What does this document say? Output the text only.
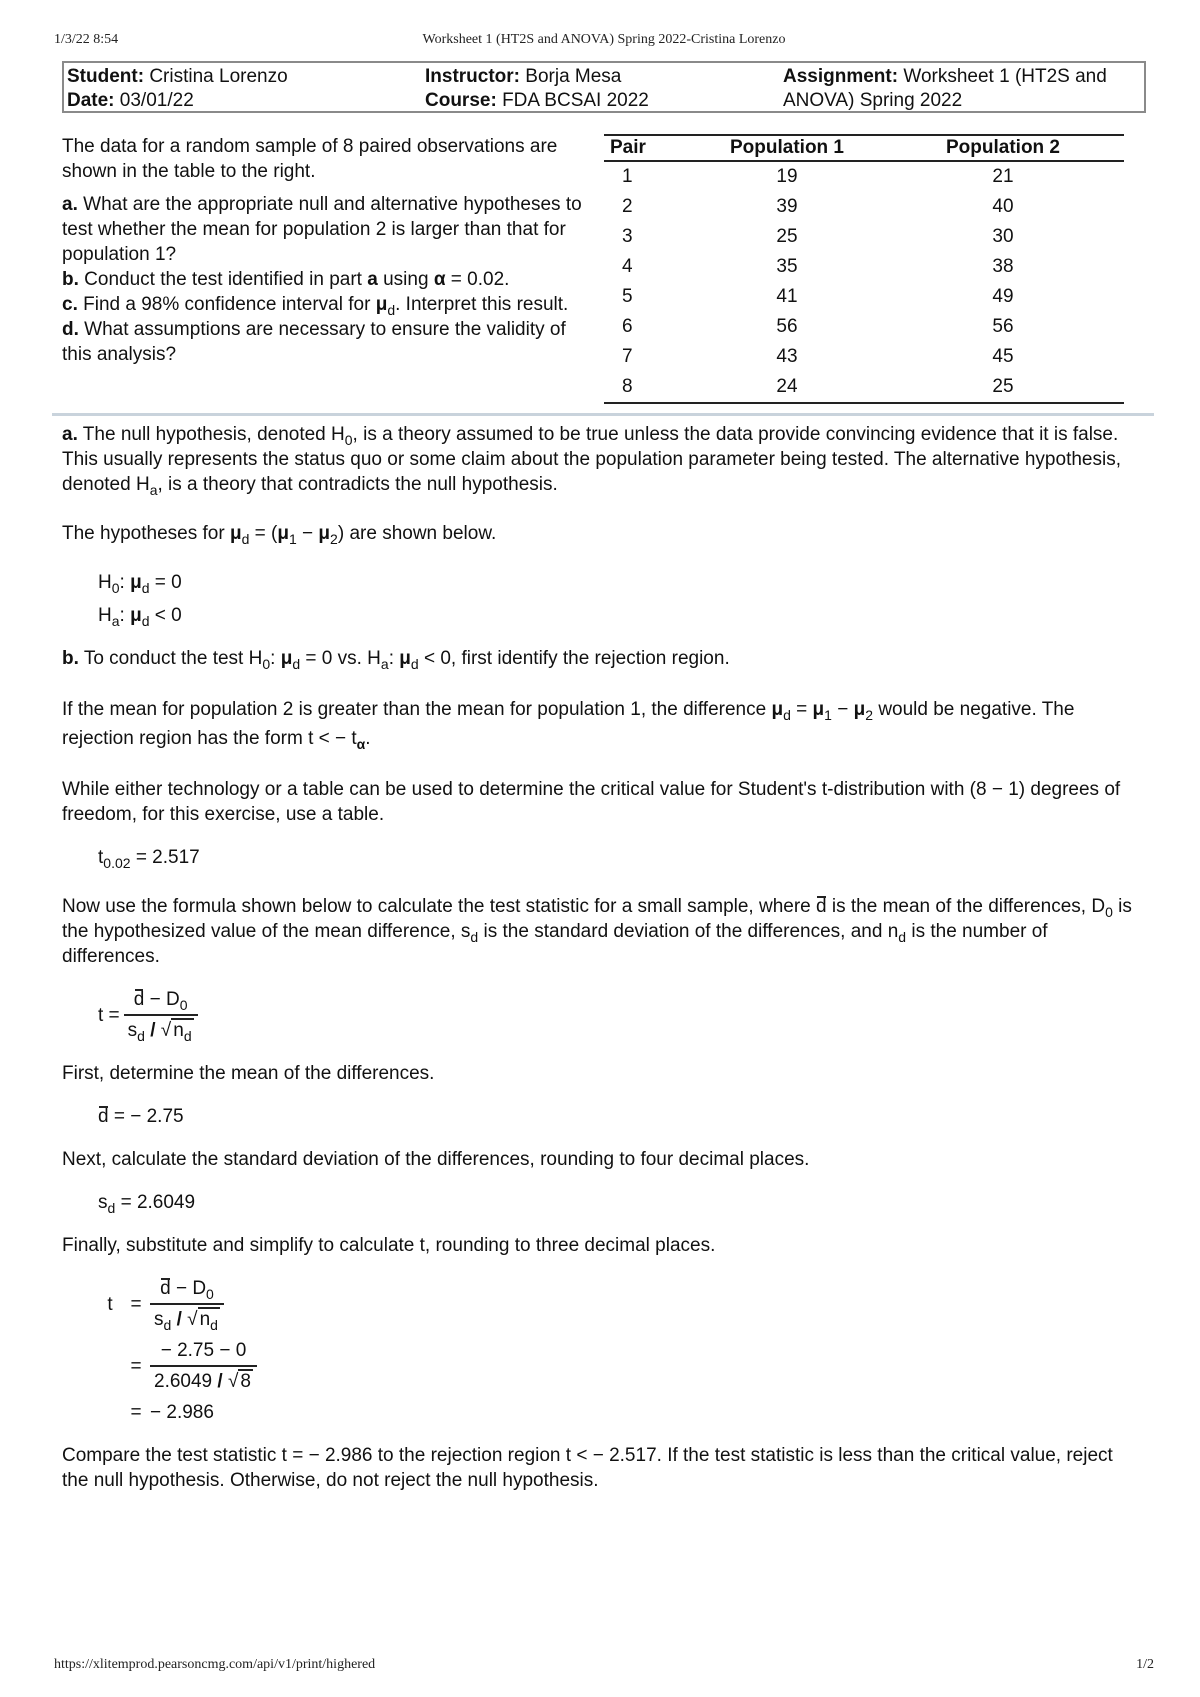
1/3/22 8:54	Worksheet 1 (HT2S and ANOVA) Spring 2022-Cristina Lorenzo
Student: Cristina Lorenzo
Date: 03/01/22
Instructor: Borja Mesa
Course: FDA BCSAI 2022
Assignment: Worksheet 1 (HT2S and ANOVA) Spring 2022

The data for a random sample of 8 paired observations are shown in the table to the right.

a. What are the appropriate null and alternative hypotheses to test whether the mean for population 2 is larger than that for population 1?
b. Conduct the test identified in part a using α = 0.02.
c. Find a 98% confidence interval for $\mu_d$. Interpret this result.
d. What assumptions are necessary to ensure the validity of this analysis?
Pair	Population 1	Population 2
1	19	21
2	39	40
3	25	30
4	35	38
5	41	49
6	56	56
7	43	45
8	24	25

a. The null hypothesis, denoted $H_0$, is a theory assumed to be true unless the data provide convincing evidence that it is false. This usually represents the status quo or some claim about the population parameter being tested. The alternative hypothesis, denoted $H_a$, is a theory that contradicts the null hypothesis.

The hypotheses for $\mu_d = (\mu_1 - \mu_2)$ are shown below.

$H_0$: $\mu_d = 0$

$H_a$: $\mu_d < 0$

b. To conduct the test $H_0$: $\mu_d = 0$ vs. $H_a$: $\mu_d < 0$, first identify the rejection region.

If the mean for population 2 is greater than the mean for population 1, the difference $\mu_d = \mu_1 - \mu_2$ would be negative. The rejection region has the form t < − $t_\alpha$.

While either technology or a table can be used to determine the critical value for Student's t-distribution with (8 − 1) degrees of freedom, for this exercise, use a table.

$t_{0.02} = 2.517$

Now use the formula shown below to calculate the test statistic for a small sample, where d is the mean of the differences, $D_0$ is the hypothesized value of the mean difference, $s_d$ is the standard deviation of the differences, and $n_d$ is the number of differences.

$t = \frac{d - D_0}{s_d / √ n_d}$

First, determine the mean of the differences.

d = − 2.75

Next, calculate the standard deviation of the differences, rounding to four decimal places.

$s_d = 2.6049$

Finally, substitute and simplify to calculate t, rounding to three decimal places.

$t = \frac{d - D_0}{s_d / √ n_d}$
= $\frac{- 2.75 - 0}{2.6049 / √ 8}$
= − 2.986

Compare the test statistic t = − 2.986 to the rejection region t < − 2.517. If the test statistic is less than the critical value, reject the null hypothesis. Otherwise, do not reject the null hypothesis.

https://xlitemprod.pearsoncmg.com/api/v1/print/highered	1/2
